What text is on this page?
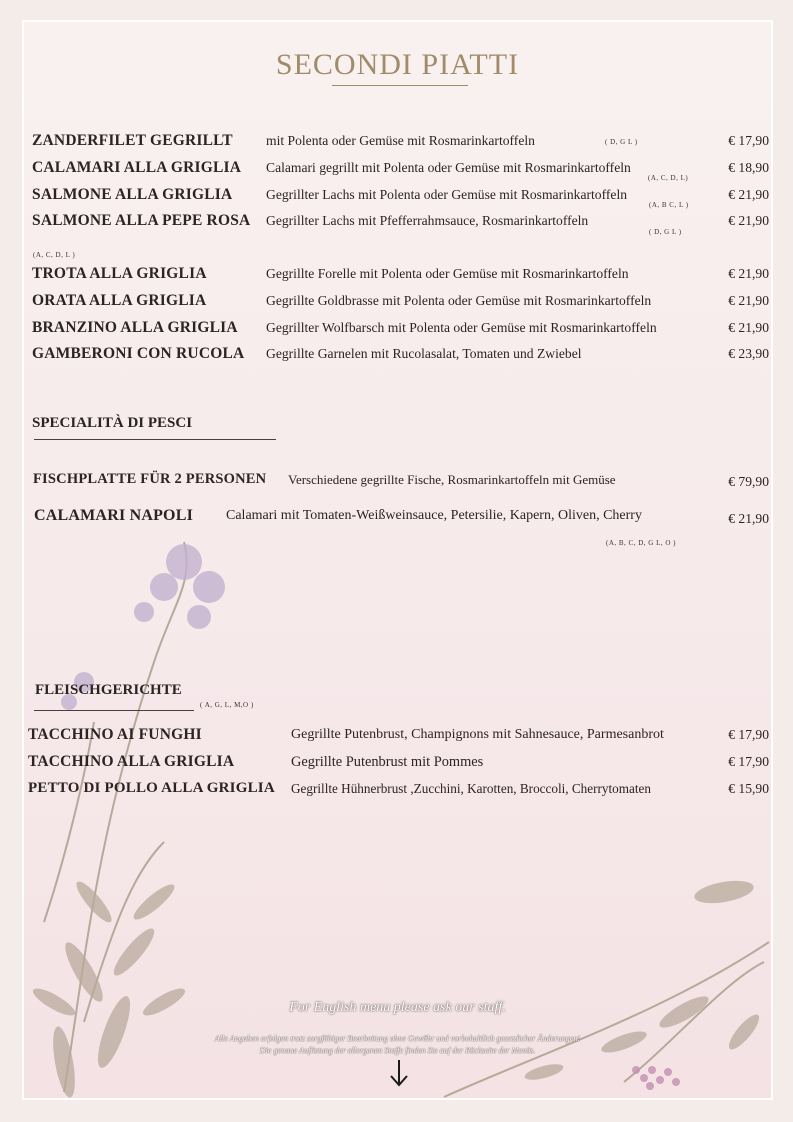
SECONDI PIATTI
ZANDERFILET GEGRILLT mit Polenta oder Gemüse mit Rosmarinkartoffeln	€ 17,90
( D, G L )
CALAMARI ALLA GRIGLIA Calamari gegrillt mit Polenta oder Gemüse mit Rosmarinkartoffeln	€ 18,90
(A, C, D, L)
SALMONE ALLA GRIGLIA Gegrillter Lachs mit Polenta oder Gemüse mit Rosmarinkartoffeln	€ 21,90
(A, B C, L )
SALMONE ALLA PEPE ROSA Gegrillter Lachs mit Pfefferrahmsauce, Rosmarinkartoffeln	€ 21,90
( D, G L )
(A, C, D, L )
TROTA ALLA GRIGLIA	Gegrillte Forelle mit Polenta oder Gemüse mit Rosmarinkartoffeln	€ 21,90
ORATA ALLA GRIGLIA	Gegrillte Goldbrasse mit Polenta oder Gemüse mit Rosmarinkartoffeln	€ 21,90
BRANZINO ALLA GRIGLIA Gegrillter Wolfbarsch mit Polenta oder Gemüse mit Rosmarinkartoffeln	€ 21,90
GAMBERONI CON RUCOLA Gegrillte Garnelen mit Rucolasalat, Tomaten und Zwiebel	€ 23,90
SPECIALITÀ DI PESCI
FISCHPLATTE FÜR 2 PERSONEN Verschiedene gegrillte Fische, Rosmarinkartoffeln mit Gemüse	€ 79,90
CALAMARI NAPOLI Calamari mit Tomaten-Weißweinsauce, Petersilie, Kapern, Oliven, Cherry	€ 21,90
(A, B, C, D, G L, O )
FLEISCHGERICHTE
( A, G, L, M,O )
TACCHINO AI FUNGHI	Gegrillte Putenbrust, Champignons mit Sahnesauce, Parmesanbrot	€ 17,90
TACCHINO ALLA GRIGLIA	Gegrillte Putenbrust mit Pommes	€ 17,90
PETTO DI POLLO ALLA GRIGLIA Gegrillte Hühnerbrust ,Zucchini, Karotten, Broccoli, Cherrytomaten	€ 15,90
For English menu please ask our staff.
Alle Angaben erfolgen trotz sorgfältiger Bearbeitung ohne Gewähr und vorbehaltlich gesetzlicher Änderungen!
Die genaue Auflistung der allergenen Stoffe finden Sie auf der Rückseite der Menüs.
